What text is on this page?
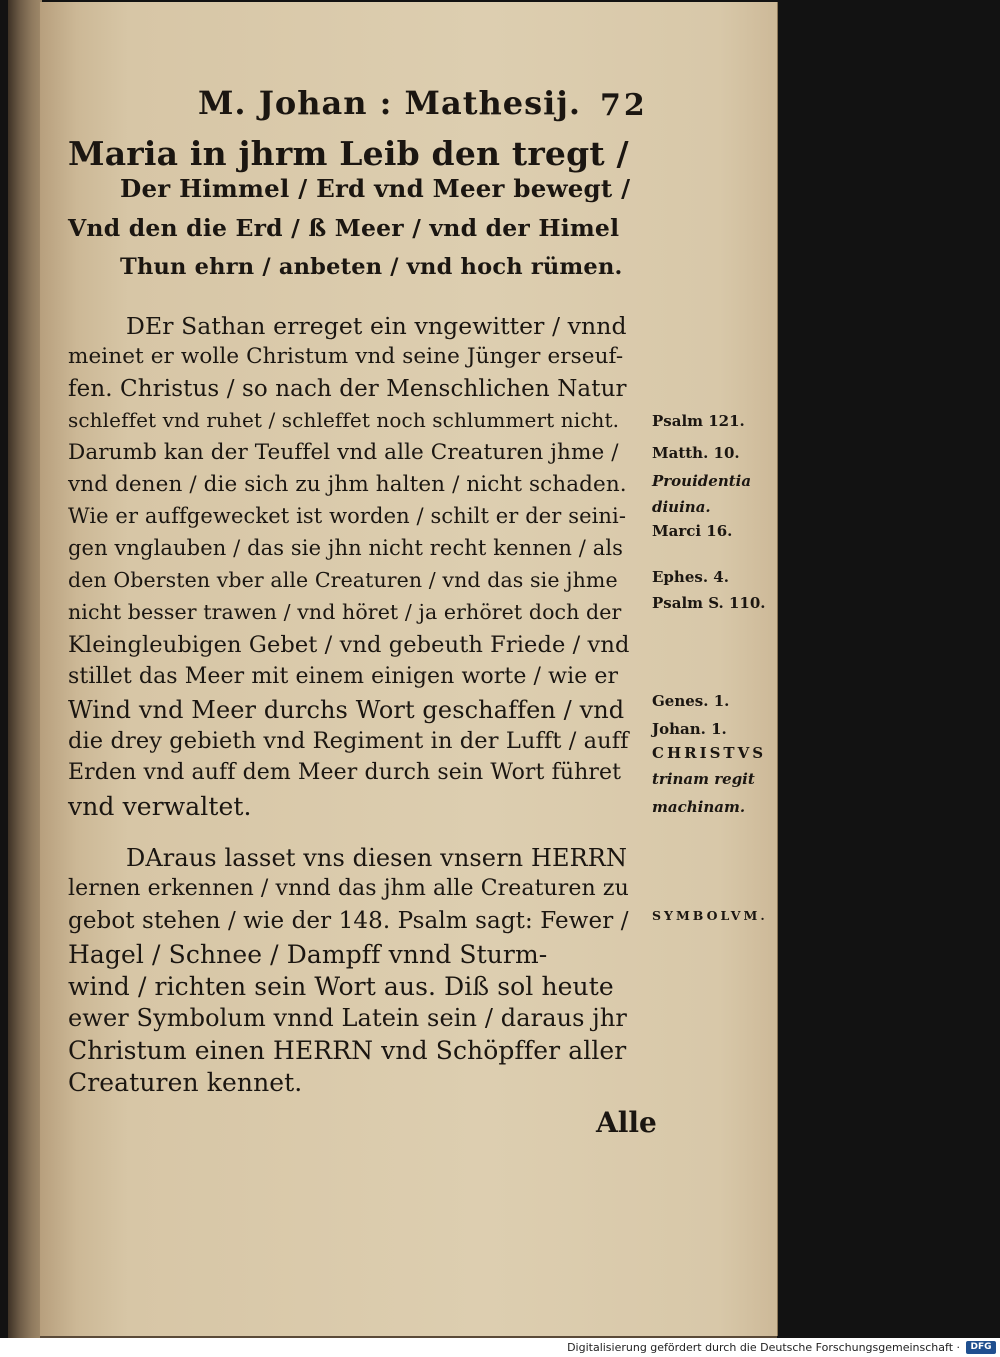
M. Johan : Mathesij. 72
Maria in jhrm Leib den tregt /
Der Himmel / Erd vnd Meer bewegt /
Vnd den die Erd / ß Meer / vnd der Himel
Thun ehrn / anbeten / vnd hoch rümen.
DEr Sathan erreget ein vngewitter / vnnd
meinet er wolle Christum vnd seine Jünger erseuf-
fen. Christus / so nach der Menschlichen Natur
schleffet vnd ruhet / schleffet noch schlummert nicht.
Darumb kan der Teuffel vnd alle Creaturen jhme /
vnd denen / die sich zu jhm halten / nicht schaden.
Wie er auffgewecket ist worden / schilt er der seini-
gen vnglauben / das sie jhn nicht recht kennen / als
den Obersten vber alle Creaturen / vnd das sie jhme
nicht besser trawen / vnd höret / ja erhöret doch der
Kleingleubigen Gebet / vnd gebeuth Friede / vnd
stillet das Meer mit einem einigen worte / wie er
Wind vnd Meer durchs Wort geschaffen / vnd
die drey gebieth vnd Regiment in der Lufft / auff
Erden vnd auff dem Meer durch sein Wort führet
vnd verwaltet.
DAraus lasset vns diesen vnsern HERRN
lernen erkennen / vnnd das jhm alle Creaturen zu
gebot stehen / wie der 148. Psalm sagt: Fewer /
Hagel / Schnee / Dampff vnnd Sturm-
wind / richten sein Wort aus. Diß sol heute
ewer Symbolum vnnd Latein sein / daraus jhr
Christum einen HERRN vnd Schöpffer aller
Creaturen kennet.
Psalm 121.
Matth. 10.
Prouidentia
diuina.
Marci 16.
Ephes. 4.
Psalm S. 110.
Genes. 1.
Johan. 1.
CHRISTVS
trinam regit
machinam.
SYMBOLVM.
Alle
Digitalisierung gefördert durch die Deutsche Forschungsgemeinschaft ·	DFG
